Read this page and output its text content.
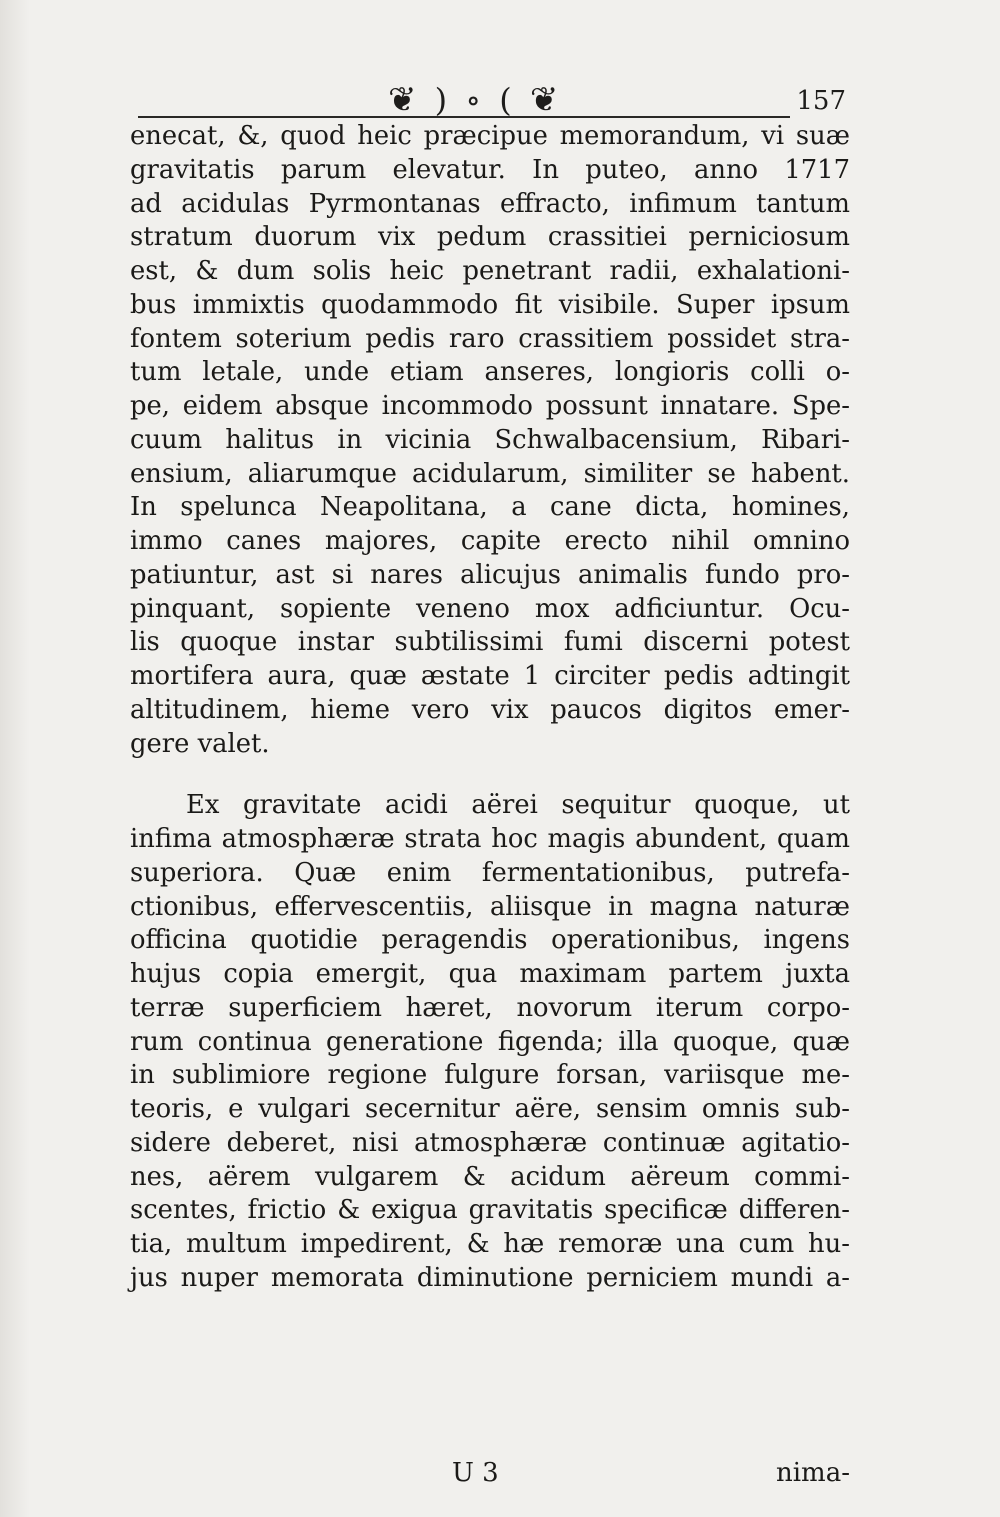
❦ ) ∘ ( ❦	157
enecat, &, quod heic præcipue memorandum, vi suæ
gravitatis parum elevatur. In puteo, anno 1717
ad acidulas Pyrmontanas effracto, infimum tantum
stratum duorum vix pedum crassitiei perniciosum
est, & dum solis heic penetrant radii, exhalationi-
bus immixtis quodammodo fit visibile. Super ipsum
fontem soterium pedis raro crassitiem possidet stra-
tum letale, unde etiam anseres, longioris colli o-
pe, eidem absque incommodo possunt innatare. Spe-
cuum halitus in vicinia Schwalbacensium, Ribari-
ensium, aliarumque acidularum, similiter se habent.
In spelunca Neapolitana, a cane dicta, homines,
immo canes majores, capite erecto nihil omnino
patiuntur, ast si nares alicujus animalis fundo pro-
pinquant, sopiente veneno mox adficiuntur. Ocu-
lis quoque instar subtilissimi fumi discerni potest
mortifera aura, quæ æstate 1 circiter pedis adtingit
altitudinem, hieme vero vix paucos digitos emer-
gere valet.
Ex gravitate acidi aërei sequitur quoque, ut
infima atmosphæræ strata hoc magis abundent, quam
superiora. Quæ enim fermentationibus, putrefa-
ctionibus, effervescentiis, aliisque in magna naturæ
officina quotidie peragendis operationibus, ingens
hujus copia emergit, qua maximam partem juxta
terræ superficiem hæret, novorum iterum corpo-
rum continua generatione figenda; illa quoque, quæ
in sublimiore regione fulgure forsan, variisque me-
teoris, e vulgari secernitur aëre, sensim omnis sub-
sidere deberet, nisi atmosphæræ continuæ agitatio-
nes, aërem vulgarem & acidum aëreum commi-
scentes, frictio & exigua gravitatis specificæ differen-
tia, multum impedirent, & hæ remoræ una cum hu-
jus nuper memorata diminutione perniciem mundi a-
U 3	nima-
